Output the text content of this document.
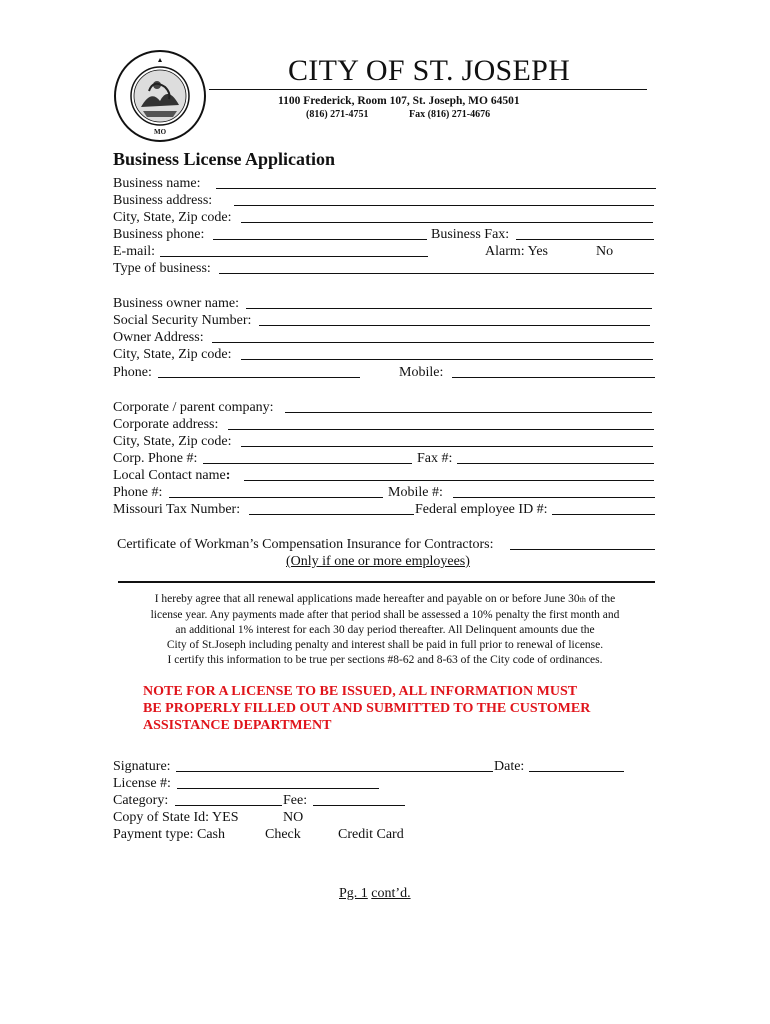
MO
CITY OF ST. JOSEPH
1100 Frederick, Room 107, St. Joseph, MO 64501
(816) 271-4751	Fax (816) 271-4676
Business License Application
Business name:
Business address:
City, State, Zip code:
Business phone:	Business Fax:
E-mail:	Alarm: Yes	No
Type of business:
Business owner name:
Social Security Number:
Owner Address:
City, State, Zip code:
Phone:	Mobile:
Corporate / parent company:
Corporate address:
City, State, Zip code:
Corp. Phone #:	Fax #:
Local Contact name:
Phone #:	Mobile #:
Missouri Tax Number:	Federal employee ID #:
Certificate of Workman’s Compensation Insurance for Contractors:
(Only if one or more employees)
I hereby agree that all renewal applications made hereafter and payable on or before June 30th of the
license year. Any payments made after that period shall be assessed a 10% penalty the first month and
an additional 1% interest for each 30 day period thereafter. All Delinquent amounts due the
City of St.Joseph including penalty and interest shall be paid in full prior to renewal of license.
I certify this information to be true per sections #8-62 and 8-63 of the City code of ordinances.
NOTE FOR A LICENSE TO BE ISSUED, ALL INFORMATION MUST
BE PROPERLY FILLED OUT AND SUBMITTED TO THE CUSTOMER
ASSISTANCE DEPARTMENT
Signature:	Date:
License #:
Category:	Fee:
Copy of State Id: YES	NO
Payment type: Cash	Check	Credit Card
Pg. 1 cont’d.
